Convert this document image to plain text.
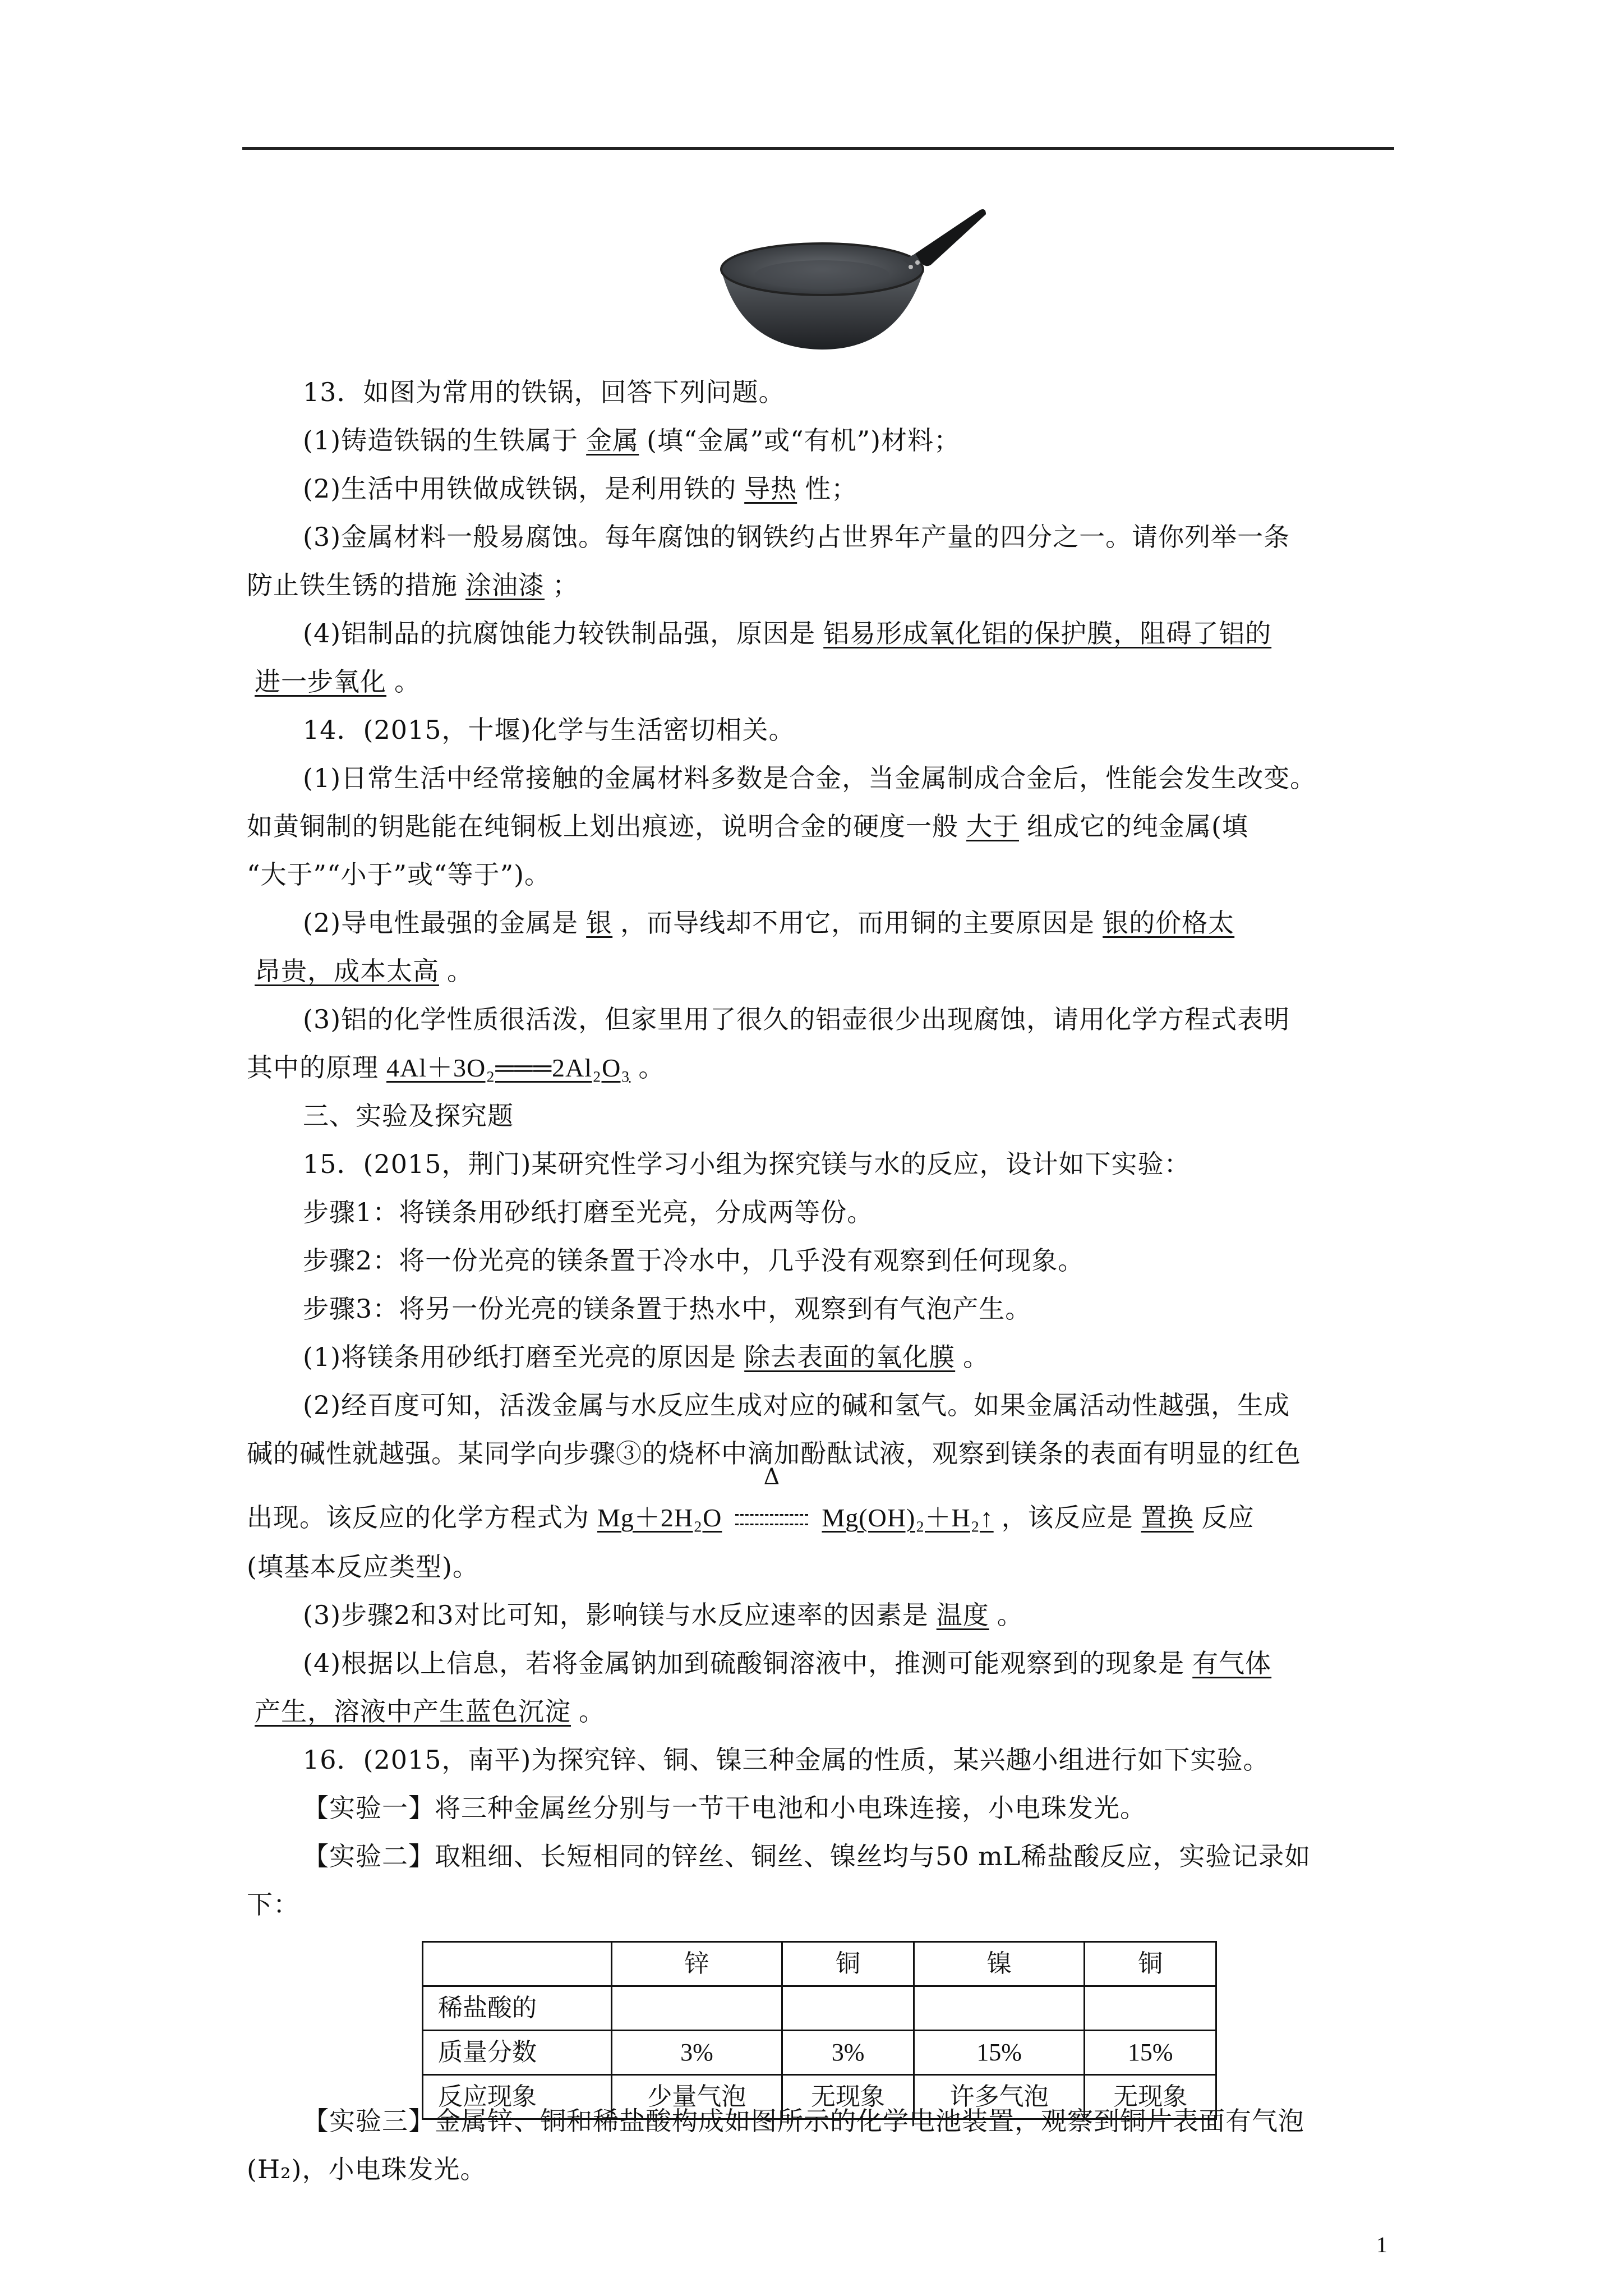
13．如图为常用的铁锅，回答下列问题。
(1)铸造铁锅的生铁属于 金属 (填“金属”或“有机”)材料；
(2)生活中用铁做成铁锅，是利用铁的 导热 性；
(3)金属材料一般易腐蚀。每年腐蚀的钢铁约占世界年产量的四分之一。请你列举一条
防止铁生锈的措施 涂油漆 ；
(4)铝制品的抗腐蚀能力较铁制品强，原因是 铝易形成氧化铝的保护膜，阻碍了铝的
进一步氧化 。
14．(2015，十堰)化学与生活密切相关。
(1)日常生活中经常接触的金属材料多数是合金，当金属制成合金后，性能会发生改变。
如黄铜制的钥匙能在纯铜板上划出痕迹，说明合金的硬度一般 大于 组成它的纯金属(填
“大于”“小于”或“等于”)。
(2)导电性最强的金属是 银 ，而导线却不用它，而用铜的主要原因是 银的价格太
昂贵，成本太高 。
(3)铝的化学性质很活泼，但家里用了很久的铝壶很少出现腐蚀，请用化学方程式表明
其中的原理 4Al＋3O₂═══2Al₂O₃ 。
三、实验及探究题
15．(2015，荆门)某研究性学习小组为探究镁与水的反应，设计如下实验：
步骤1：将镁条用砂纸打磨至光亮，分成两等份。
步骤2：将一份光亮的镁条置于冷水中，几乎没有观察到任何现象。
步骤3：将另一份光亮的镁条置于热水中，观察到有气泡产生。
(1)将镁条用砂纸打磨至光亮的原因是 除去表面的氧化膜 。
(2)经百度可知，活泼金属与水反应生成对应的碱和氢气。如果金属活动性越强，生成
碱的碱性就越强。某同学向步骤③的烧杯中滴加酚酞试液，观察到镁条的表面有明显的红色
出现。该反应的化学方程式为 Mg＋2H₂O
Δ
Mg(OH)₂＋H₂↑ ，该反应是 置换 反应
(填基本反应类型)。
(3)步骤2和3对比可知，影响镁与水反应速率的因素是 温度 。
(4)根据以上信息，若将金属钠加到硫酸铜溶液中，推测可能观察到的现象是 有气体
产生，溶液中产生蓝色沉淀 。
16．(2015，南平)为探究锌、铜、镍三种金属的性质，某兴趣小组进行如下实验。
【实验一】将三种金属丝分别与一节干电池和小电珠连接，小电珠发光。
【实验二】取粗细、长短相同的锌丝、铜丝、镍丝均与50 mL稀盐酸反应，实验记录如
下：
	锌	铜	镍	铜
稀盐酸的				
质量分数	3%	3%	15%	15%
反应现象	少量气泡	无现象	许多气泡	无现象
1
【实验三】金属锌、铜和稀盐酸构成如图所示的化学电池装置，观察到铜片表面有气泡
(H₂)，小电珠发光。
